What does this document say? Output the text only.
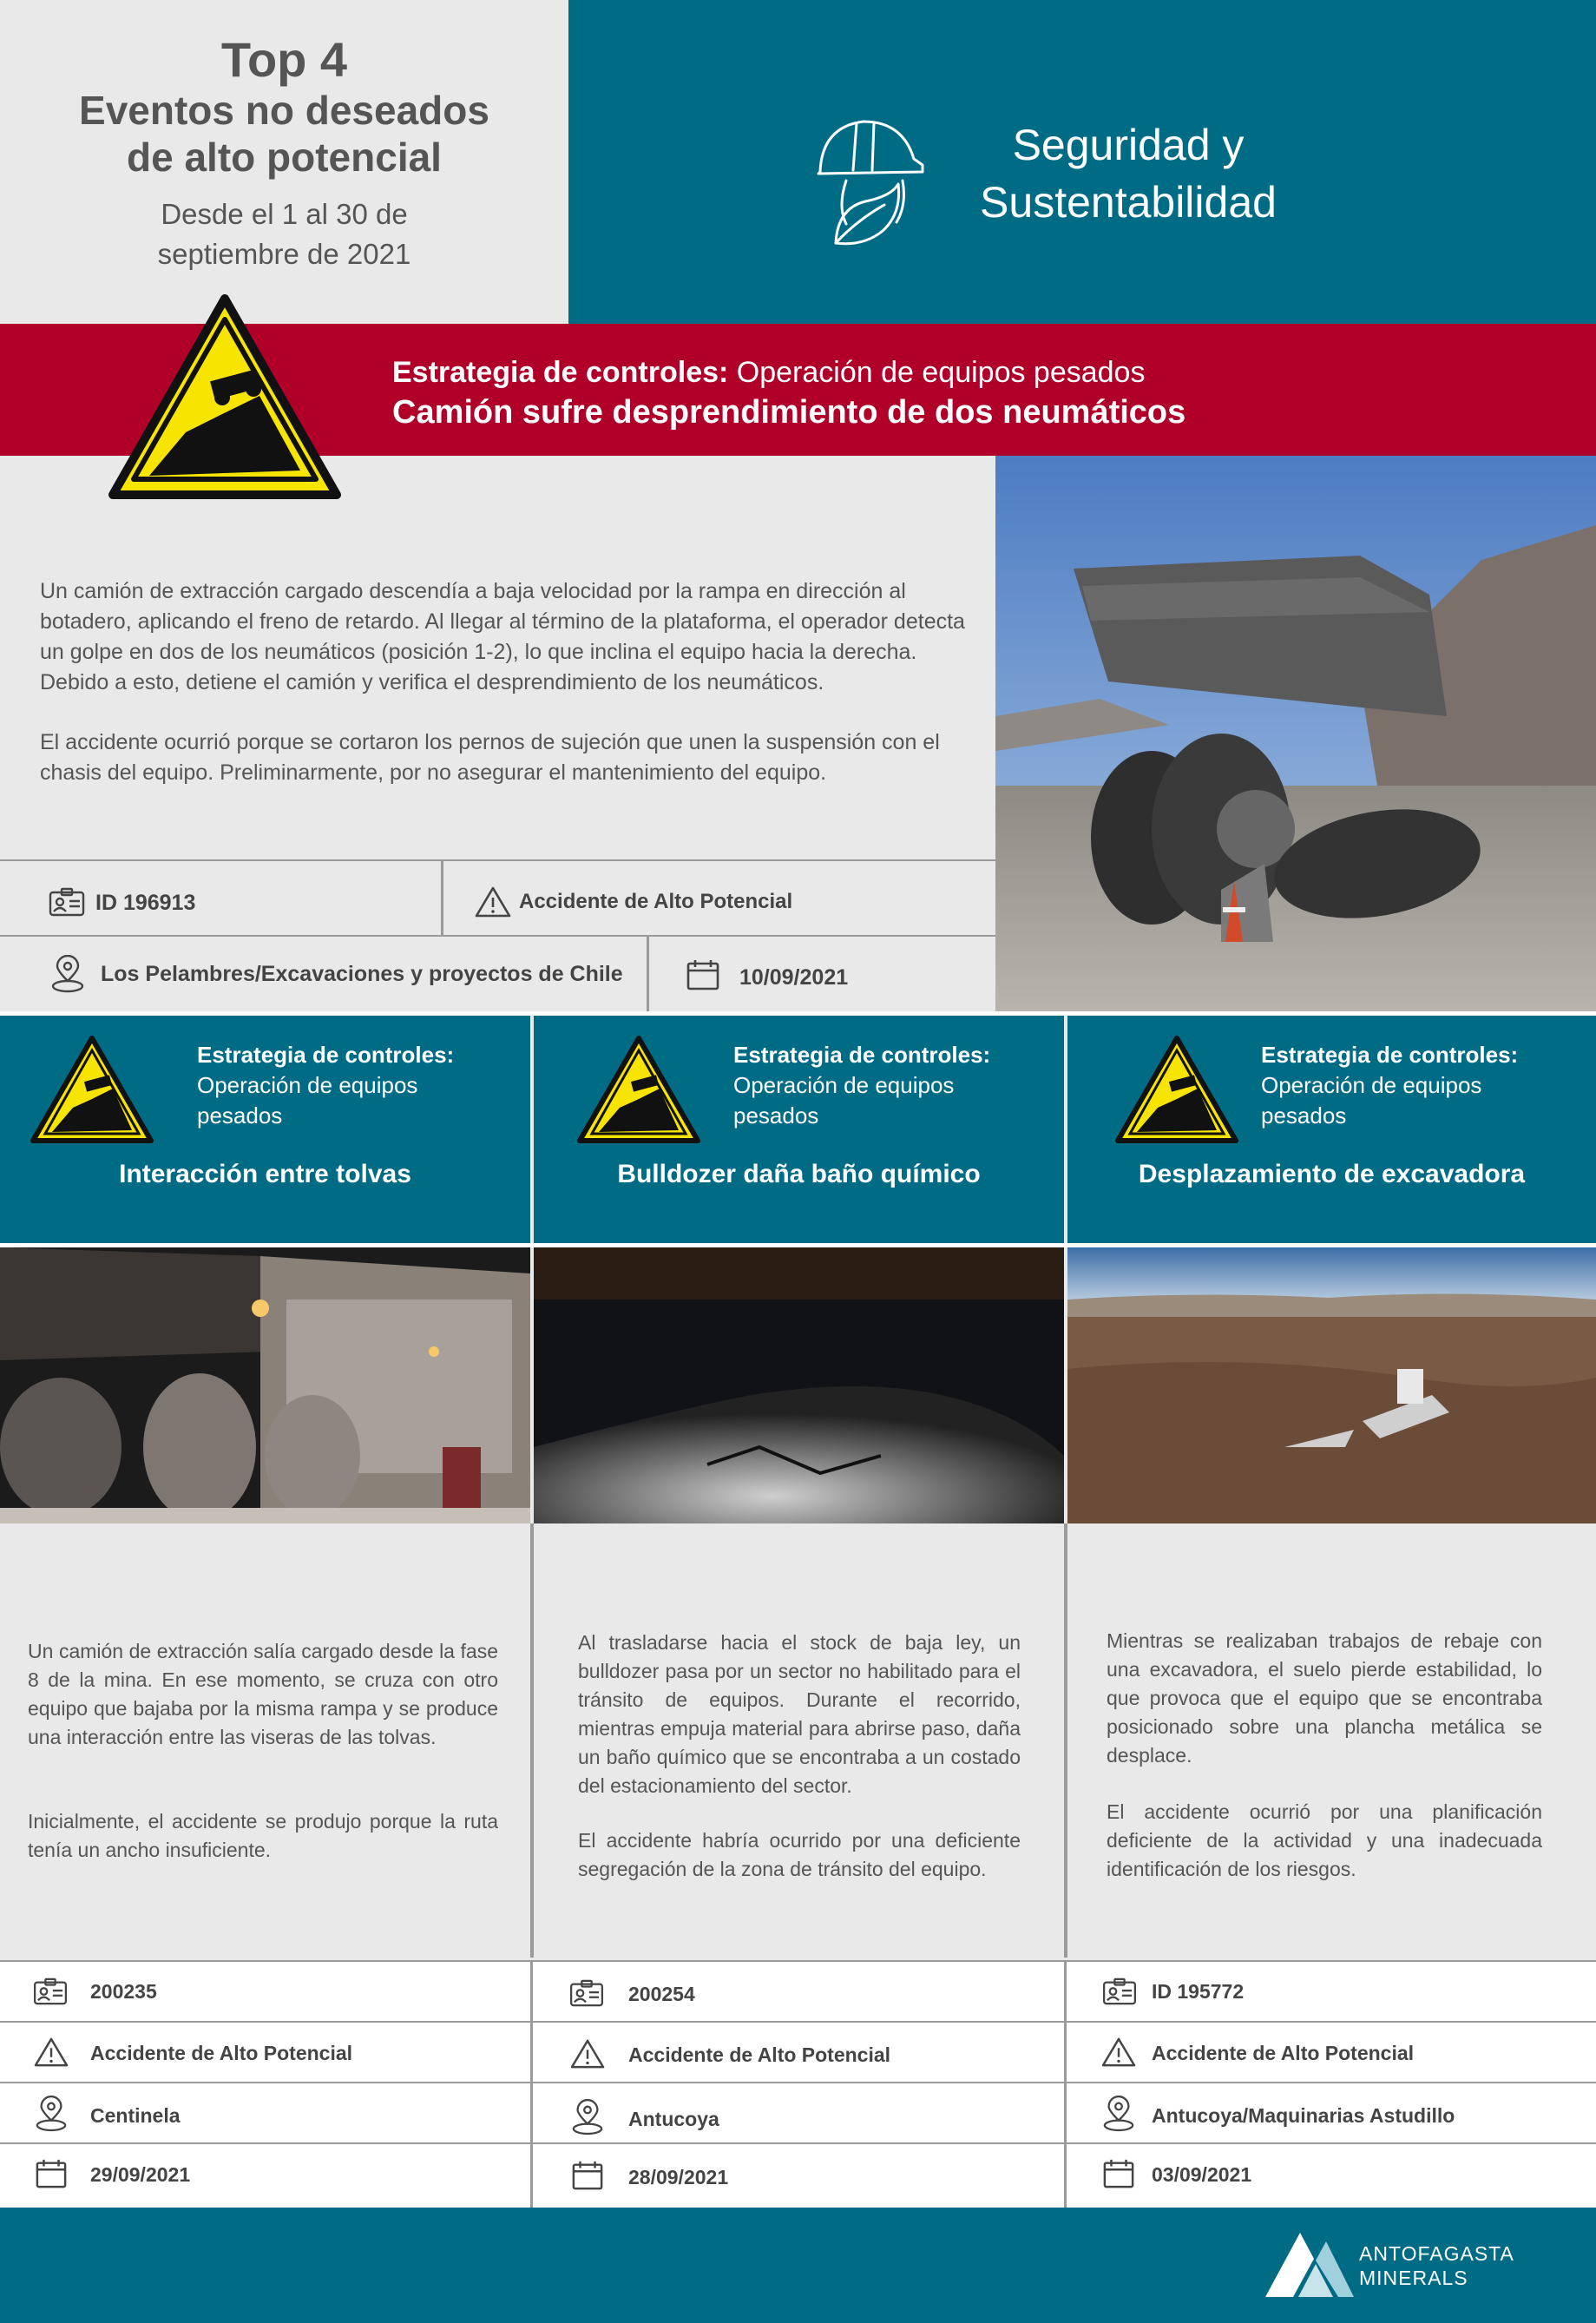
Top 4
Eventos no deseados
de alto potencial
Desde el 1 al 30 de
septiembre de 2021
Seguridad y
Sustentabilidad
Estrategia de controles: Operación de equipos pesados
Camión sufre desprendimiento de dos neumáticos
Un camión de extracción cargado descendía a baja velocidad por la rampa en dirección al botadero, aplicando el freno de retardo. Al llegar al término de la plataforma, el operador detecta un golpe en dos de los neumáticos (posición 1-2), lo que inclina el equipo hacia la derecha. Debido a esto, detiene el camión y verifica el desprendimiento de los neumáticos.
El accidente ocurrió porque se cortaron los pernos de sujeción que unen la suspensión con el chasis del equipo. Preliminarmente, por no asegurar el mantenimiento del equipo.
ID 196913	Accidente de Alto Potencial
Los Pelambres/Excavaciones y proyectos de Chile	10/09/2021
Estrategia de controles:
Operación de equipos
pesados
Estrategia de controles:
Operación de equipos
pesados
Estrategia de controles:
Operación de equipos
pesados
Interacción entre tolvas	Bulldozer daña baño químico	Desplazamiento de excavadora
Un camión de extracción salía cargado desde la fase 8 de la mina. En ese momento, se cruza con otro equipo que bajaba por la misma rampa y se produce una interacción entre las viseras de las tolvas.
Inicialmente, el accidente se produjo porque la ruta tenía un ancho insuficiente.
Al trasladarse hacia el stock de baja ley, un bulldozer pasa por un sector no habilitado para el tránsito de equipos. Durante el recorrido, mientras empuja material para abrirse paso, daña un baño químico que se encontraba a un costado del estacionamiento del sector.
El accidente habría ocurrido por una deficiente segregación de la zona de tránsito del equipo.
Mientras se realizaban trabajos de rebaje con una excavadora, el suelo pierde estabilidad, lo que provoca que el equipo que se encontraba posicionado sobre una plancha metálica se desplace.
El accidente ocurrió por una planificación deficiente de la actividad y una inadecuada identificación de los riesgos.
200235
Accidente de Alto Potencial
Centinela
29/09/2021
200254
Accidente de Alto Potencial
Antucoya
28/09/2021
ID 195772
Accidente de Alto Potencial
Antucoya/Maquinarias Astudillo
03/09/2021
ANTOFAGASTA
MINERALS
